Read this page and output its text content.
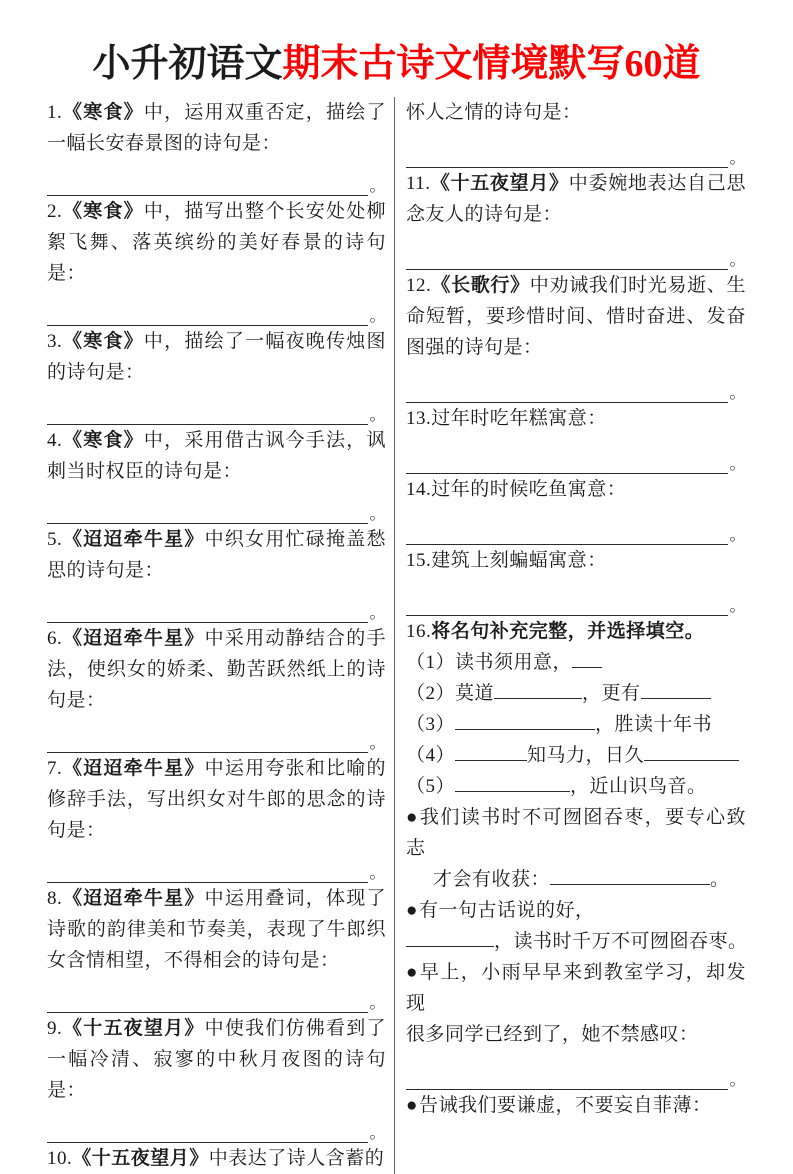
小升初语文期末古诗文情境默写60道
1.《寒食》中，运用双重否定，描绘了一幅长安春景图的诗句是：
。
2.《寒食》中，描写出整个长安处处柳絮飞舞、落英缤纷的美好春景的诗句是：
。
3.《寒食》中，描绘了一幅夜晚传烛图的诗句是：
。
4.《寒食》中，采用借古讽今手法，讽刺当时权臣的诗句是：
。
5.《迢迢牵牛星》中织女用忙碌掩盖愁思的诗句是：
。
6.《迢迢牵牛星》中采用动静结合的手法，使织女的娇柔、勤苦跃然纸上的诗句是：
。
7.《迢迢牵牛星》中运用夸张和比喻的修辞手法，写出织女对牛郎的思念的诗句是：
。
8.《迢迢牵牛星》中运用叠词，体现了诗歌的韵律美和节奏美，表现了牛郎织女含情相望，不得相会的诗句是：
。
9.《十五夜望月》中使我们仿佛看到了一幅冷清、寂寥的中秋月夜图的诗句是：
。
10.《十五夜望月》中表达了诗人含蓄的
怀人之情的诗句是：
。
11.《十五夜望月》中委婉地表达自己思念友人的诗句是：
。
12.《长歌行》中劝诫我们时光易逝、生命短暂，要珍惜时间、惜时奋进、发奋图强的诗句是：
。
13.过年时吃年糕寓意：
。
14.过年的时候吃鱼寓意：
。
15.建筑上刻蝙蝠寓意：
。
16.将名句补充完整，并选择填空。
（1）读书须用意，
（2）莫道	，更有
（3）	，胜读十年书
（4）	知马力，日久
（5）	，近山识鸟音。
●我们读书时不可囫囵吞枣，要专心致志
才会有收获：	。
●有一句古话说的好，
，读书时千万不可囫囵吞枣。
●早上，小雨早早来到教室学习，却发现
很多同学已经到了，她不禁感叹：
。
●告诫我们要谦虚，不要妄自菲薄：
